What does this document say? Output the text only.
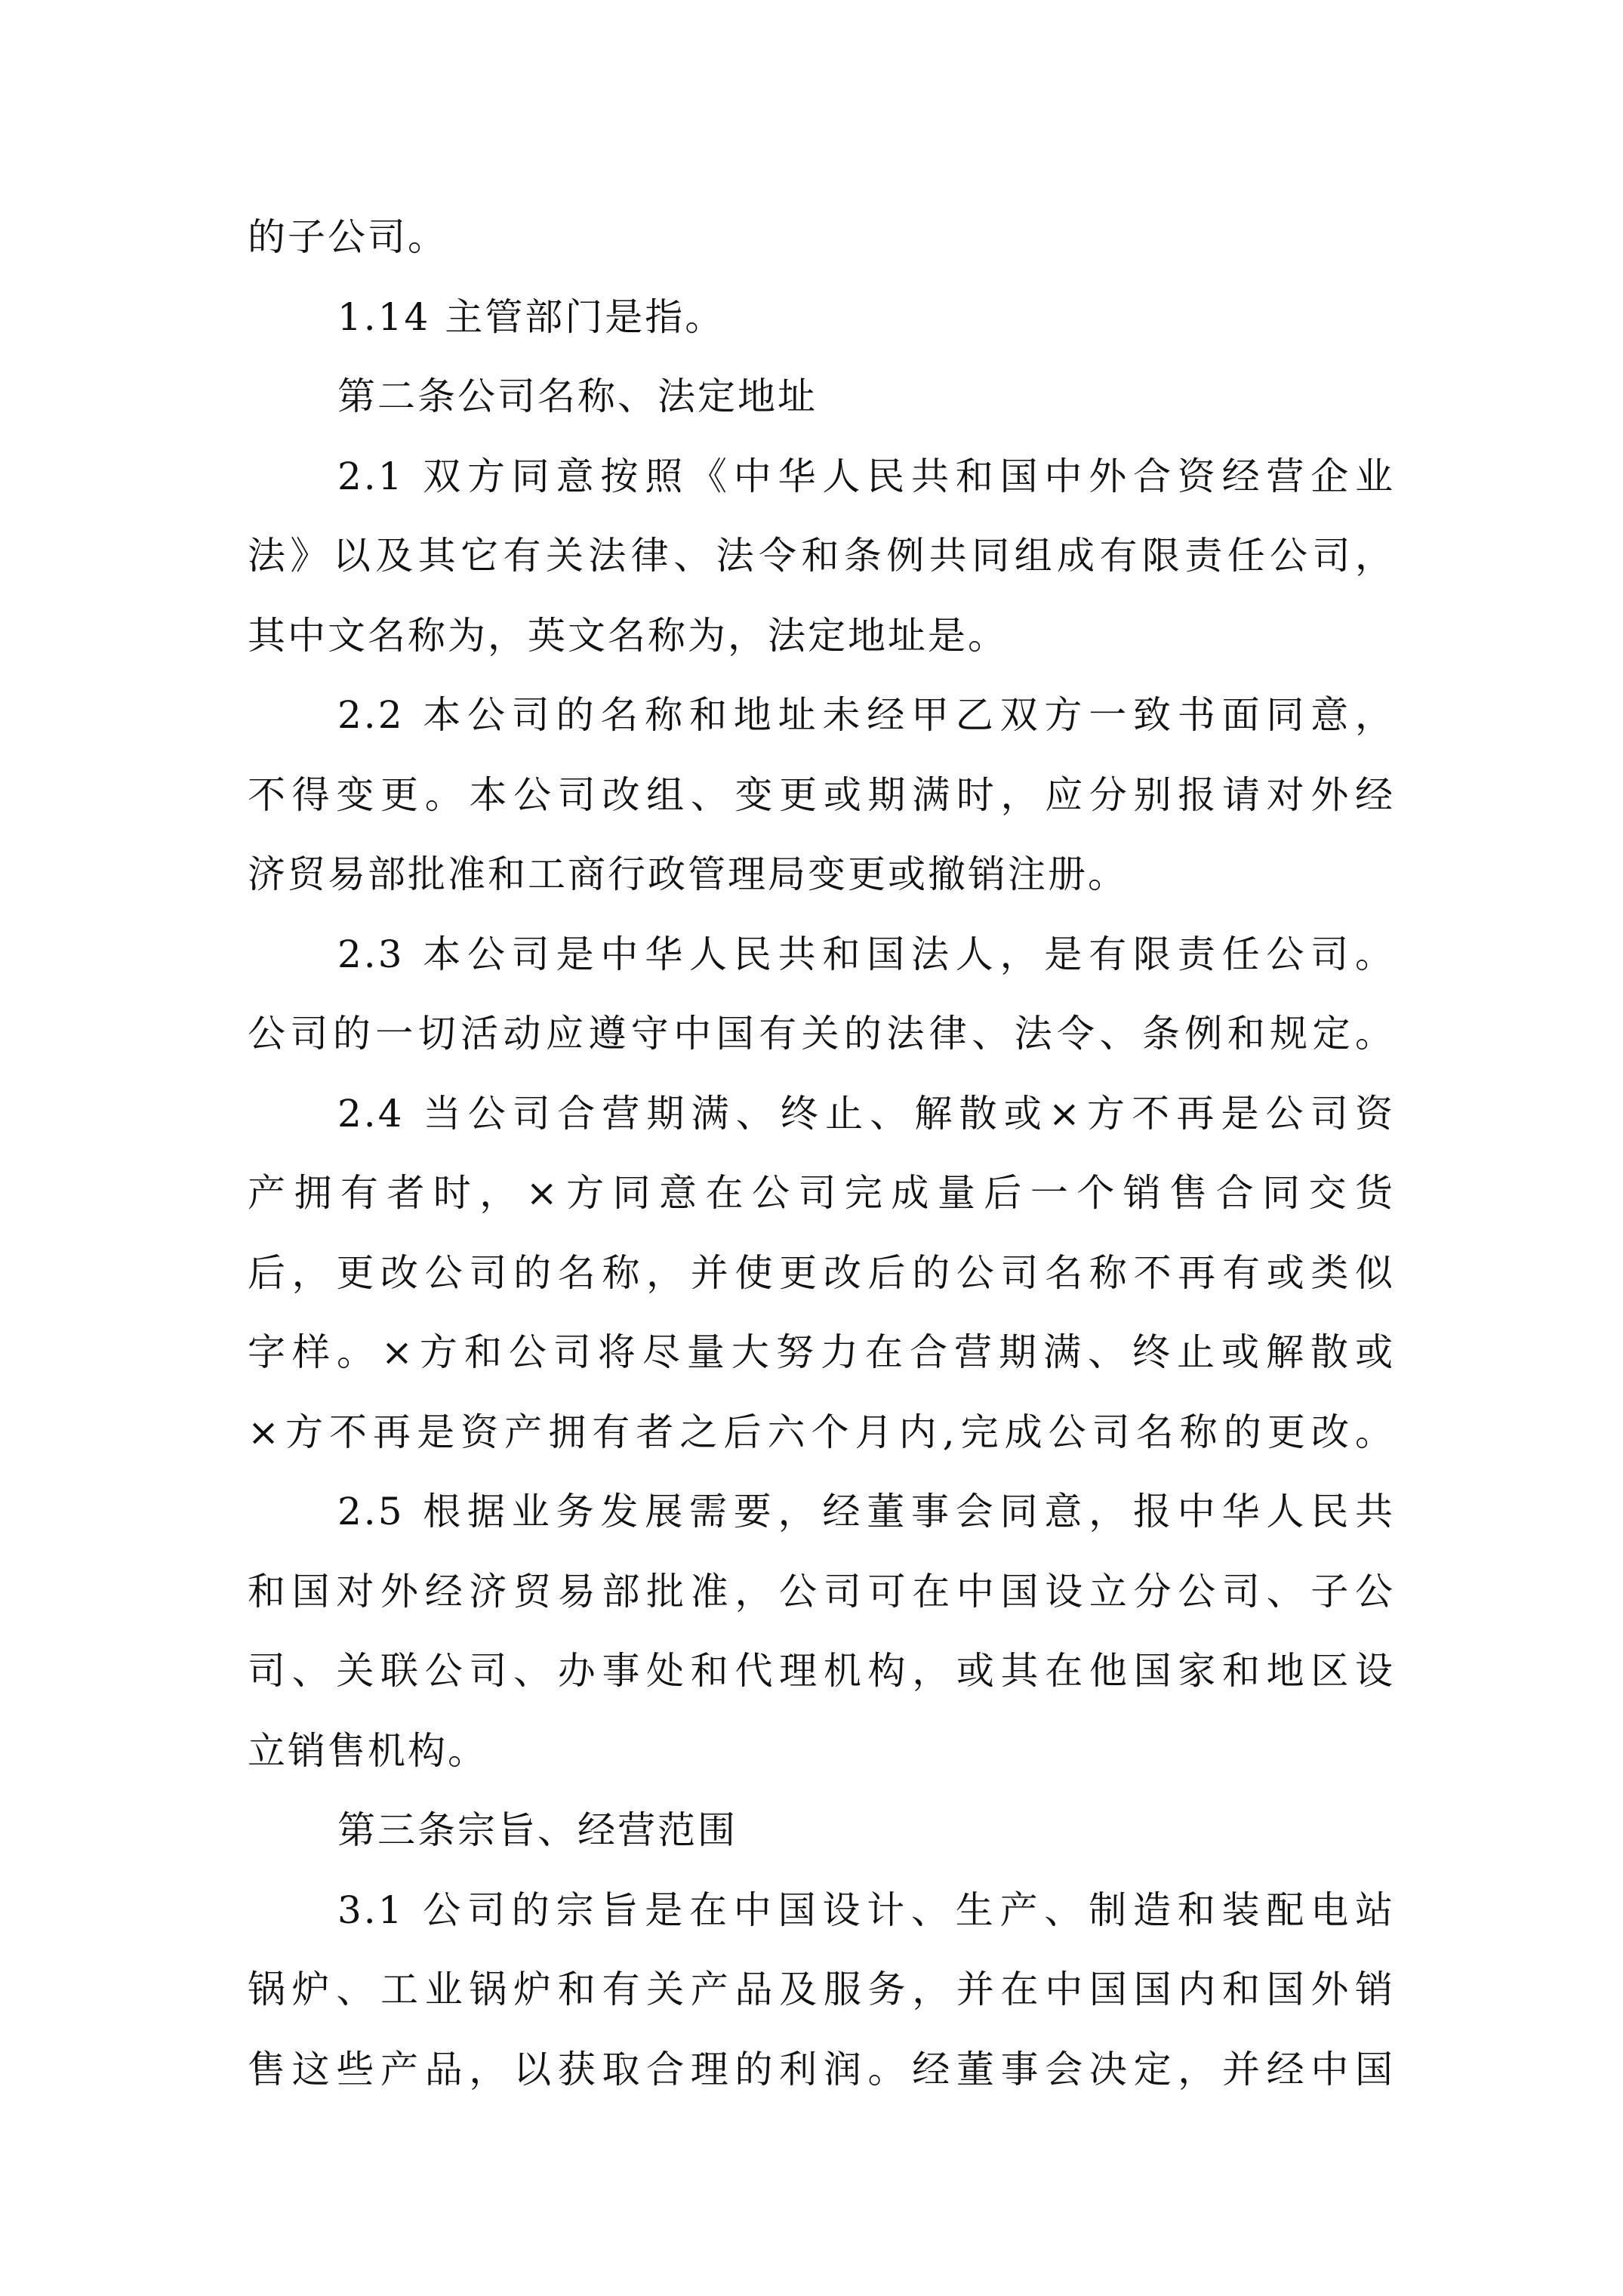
的子公司。
1.14 主管部门是指。
第二条公司名称、法定地址
2.1 双方同意按照《中华人民共和国中外合资经营企业
法》以及其它有关法律、法令和条例共同组成有限责任公司，
其中文名称为，英文名称为，法定地址是。
2.2 本公司的名称和地址未经甲乙双方一致书面同意，
不得变更。本公司改组、变更或期满时，应分别报请对外经
济贸易部批准和工商行政管理局变更或撤销注册。
2.3 本公司是中华人民共和国法人，是有限责任公司。
公司的一切活动应遵守中国有关的法律、法令、条例和规定。
2.4 当公司合营期满、终止、解散或×方不再是公司资
产拥有者时，×方同意在公司完成量后一个销售合同交货
后，更改公司的名称，并使更改后的公司名称不再有或类似
字样。×方和公司将尽量大努力在合营期满、终止或解散或
×方不再是资产拥有者之后六个月内,完成公司名称的更改。
2.5 根据业务发展需要，经董事会同意，报中华人民共
和国对外经济贸易部批准，公司可在中国设立分公司、子公
司、关联公司、办事处和代理机构，或其在他国家和地区设
立销售机构。
第三条宗旨、经营范围
3.1 公司的宗旨是在中国设计、生产、制造和装配电站
锅炉、工业锅炉和有关产品及服务，并在中国国内和国外销
售这些产品，以获取合理的利润。经董事会决定，并经中国
